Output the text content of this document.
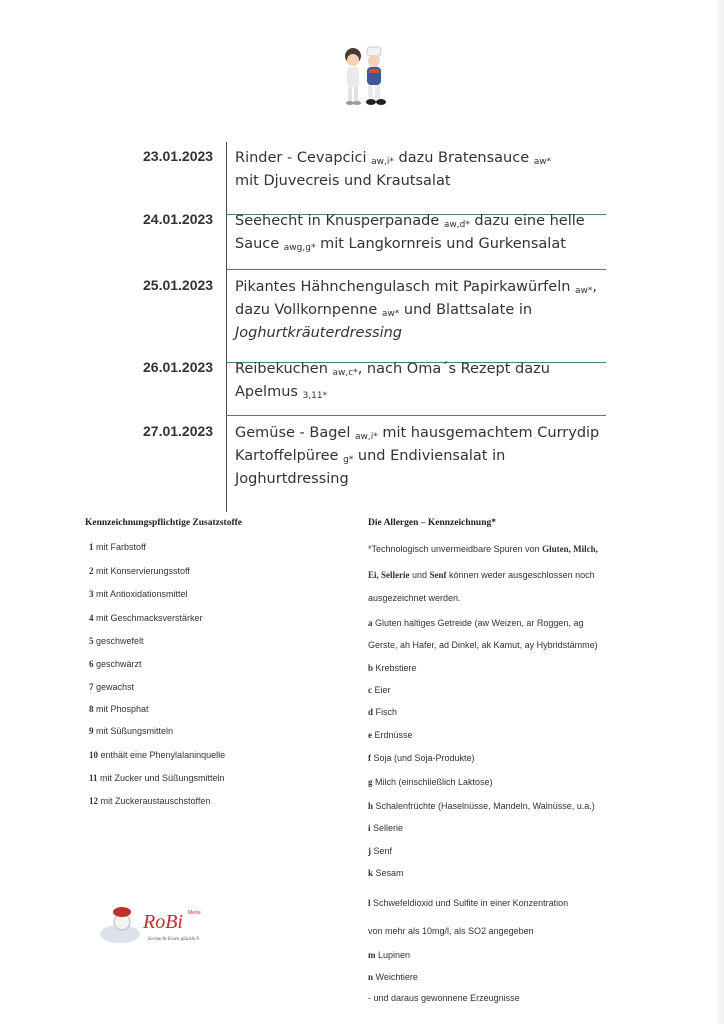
23.01.2023 Rinder - Cevapcici $_{aw,i*}$ dazu Bratensauce $_{aw*}$
mit Djuvecreis und Krautsalat
24.01.2023 Seehecht in Knusperpanade $_{aw,d*}$ dazu eine helle
Sauce $_{awg,g*}$ mit Langkornreis und Gurkensalat
25.01.2023 Pikantes Hähnchengulasch mit Papirkawürfeln $_{aw*}$,
dazu Vollkornpenne $_{aw*}$ und Blattsalate in
Joghurtkräuterdressing
26.01.2023 Reibekuchen $_{aw,c*}$, nach Oma´s Rezept dazu
Apelmus $_{3,11*}$
27.01.2023 Gemüse - Bagel $_{aw,i*}$ mit hausgemachtem Currydip
Kartoffelpüree $_{g*}$ und Endiviensalat in
Joghurtdressing
Kennzeichnungspflichtige Zusatzstoffe
1 mit Farbstoff
2 mit Konservierungsstoff
3 mit Antioxidationsmittel
4 mit Geschmacksverstärker
5 geschwefelt
6 geschwärzt
7 gewachst
8 mit Phosphat
9 mit Süßungsmitteln
10 enthält eine Phenylalaninquelle
11 mit Zucker und Süßungsmitteln
12 mit Zuckeraustauschstoffen
Die Allergen – Kennzeichnung*
*Technologisch unvermeidbare Spuren von Gluten, Milch,
Ei, Sellerie und Senf können weder ausgeschlossen noch
ausgezeichnet werden.
a Gluten haltiges Getreide (aw Weizen, ar Roggen, ag
Gerste, ah Hafer, ad Dinkel, ak Kamut, ay Hybridstämme)
b Krebstiere
c Eier
d Fisch
e Erdnüsse
f Soja (und Soja-Produkte)
g Milch (einschließlich Laktose)
h Schalenfrüchte (Haselnüsse, Mandeln, Walnüsse, u.a.)
i Sellerie
j Senf
k Sesam
l Schwefeldioxid und Sulfite in einer Konzentration
von mehr als 10mg/l, als SO2 angegeben
m Lupinen
n Weichtiere
- und daraus gewonnene Erzeugnisse
RoBi Menü
So macht Essen glücklich
